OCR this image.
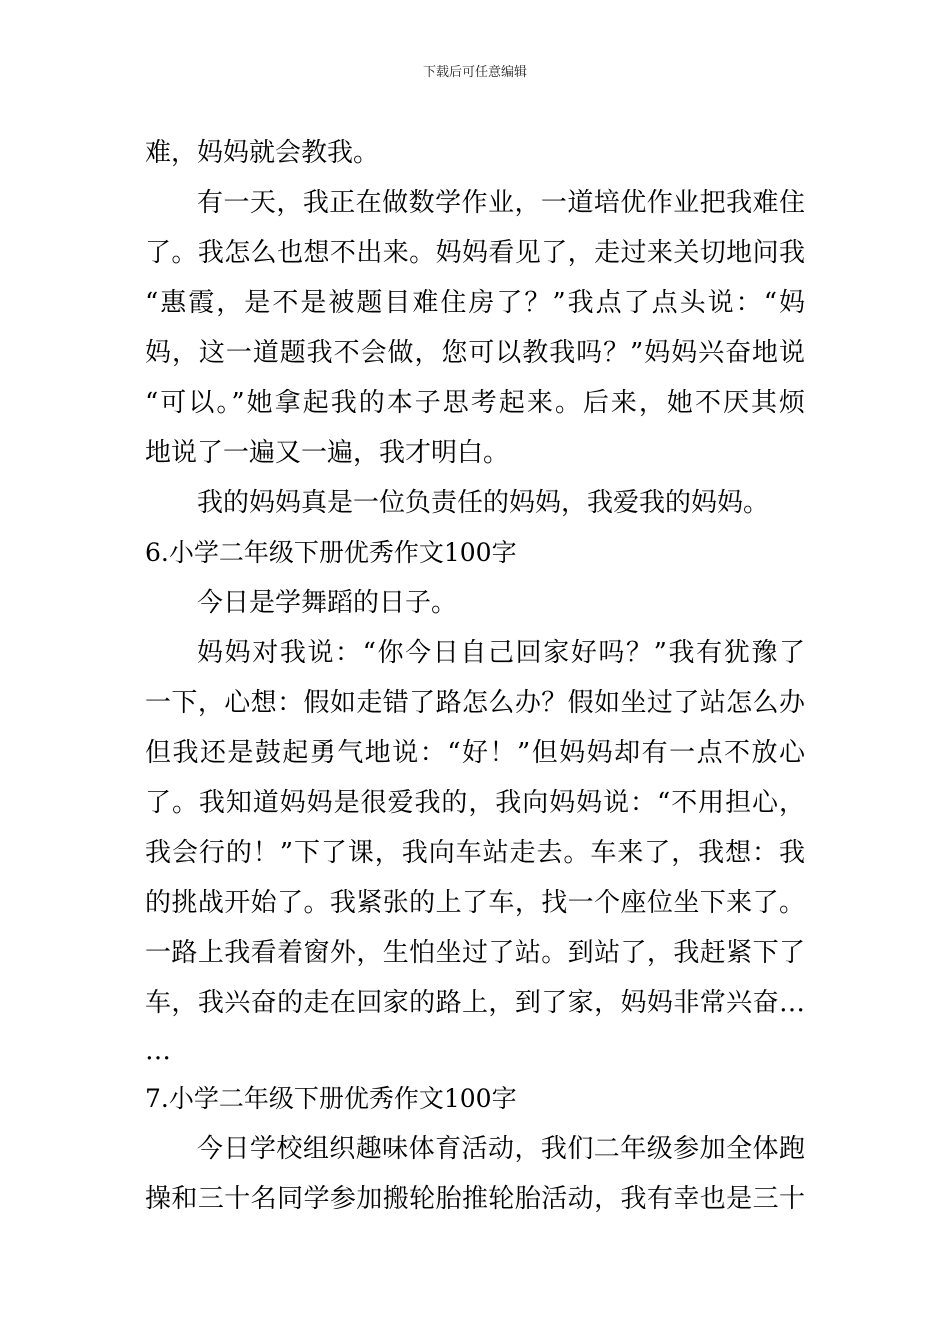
下载后可任意编辑
难，妈妈就会教我。
有一天，我正在做数学作业，一道培优作业把我难住
了。我怎么也想不出来。妈妈看见了，走过来关切地问我
“惠霞，是不是被题目难住房了？”我点了点头说：“妈
妈，这一道题我不会做，您可以教我吗？”妈妈兴奋地说
“可以。”她拿起我的本子思考起来。后来，她不厌其烦
地说了一遍又一遍，我才明白。
我的妈妈真是一位负责任的妈妈，我爱我的妈妈。
6.小学二年级下册优秀作文100字
今日是学舞蹈的日子。
妈妈对我说：“你今日自己回家好吗？”我有犹豫了
一下，心想：假如走错了路怎么办？假如坐过了站怎么办
但我还是鼓起勇气地说：“好！”但妈妈却有一点不放心
了。我知道妈妈是很爱我的，我向妈妈说：“不用担心，
我会行的！”下了课，我向车站走去。车来了，我想：我
的挑战开始了。我紧张的上了车，找一个座位坐下来了。
一路上我看着窗外，生怕坐过了站。到站了，我赶紧下了
车，我兴奋的走在回家的路上，到了家，妈妈非常兴奋…
…
7.小学二年级下册优秀作文100字
今日学校组织趣味体育活动，我们二年级参加全体跑
操和三十名同学参加搬轮胎推轮胎活动，我有幸也是三十
